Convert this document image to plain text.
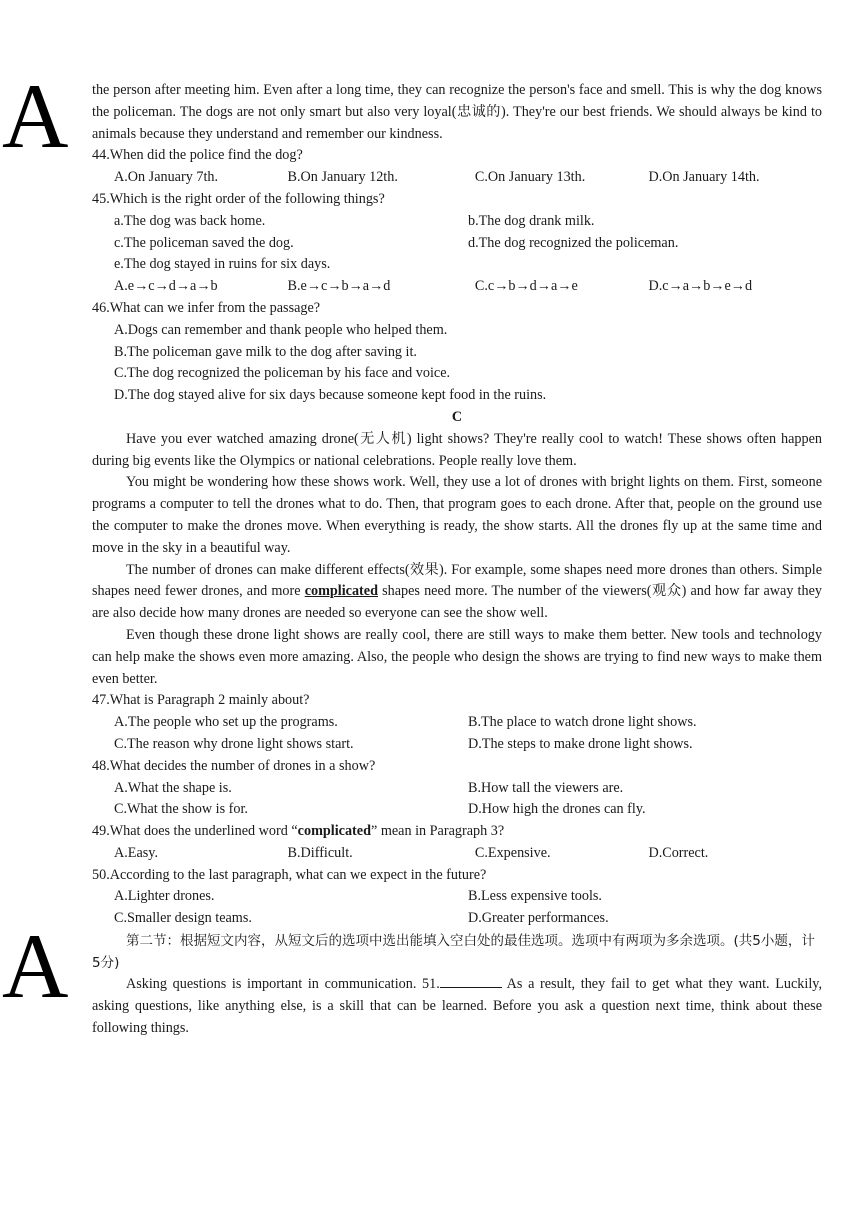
A
A

the person after meeting him. Even after a long time, they can recognize the person's face and smell. This is why the dog knows the policeman. The dogs are not only smart but also very loyal(忠诚的). They're our best friends. We should always be kind to animals because they understand and remember our kindness.

44.When did the police find the dog?

A.On January 7th.	B.On January 12th.	C.On January 13th.	D.On January 14th.

45.Which is the right order of the following things?

a.The dog was back home.	b.The dog drank milk.
c.The policeman saved the dog.	d.The dog recognized the policeman.
e.The dog stayed in ruins for six days.
A.e→c→d→a→b	B.e→c→b→a→d	C.c→b→d→a→e	D.c→a→b→e→d

46.What can we infer from the passage?

A.Dogs can remember and thank people who helped them.
B.The policeman gave milk to the dog after saving it.
C.The dog recognized the policeman by his face and voice.
D.The dog stayed alive for six days because someone kept food in the ruins.
C

Have you ever watched amazing drone(无人机) light shows? They're really cool to watch! These shows often happen during big events like the Olympics or national celebrations. People really love them.

You might be wondering how these shows work. Well, they use a lot of drones with bright lights on them. First, someone programs a computer to tell the drones what to do. Then, that program goes to each drone. After that, people on the ground use the computer to make the drones move. When everything is ready, the show starts. All the drones fly up at the same time and move in the sky in a beautiful way.

The number of drones can make different effects(效果). For example, some shapes need more drones than others. Simple shapes need fewer drones, and more complicated shapes need more. The number of the viewers(观众) and how far away they are also decide how many drones are needed so everyone can see the show well.

Even though these drone light shows are really cool, there are still ways to make them better. New tools and technology can help make the shows even more amazing. Also, the people who design the shows are trying to find new ways to make them even better.

47.What is Paragraph 2 mainly about?

A.The people who set up the programs.	B.The place to watch drone light shows.
C.The reason why drone light shows start.	D.The steps to make drone light shows.

48.What decides the number of drones in a show?

A.What the shape is.	B.How tall the viewers are.
C.What the show is for.	D.How high the drones can fly.

49.What does the underlined word “complicated” mean in Paragraph 3?

A.Easy.	B.Difficult.	C.Expensive.	D.Correct.

50.According to the last paragraph, what can we expect in the future?

A.Lighter drones.	B.Less expensive tools.
C.Smaller design teams.	D.Greater performances.

第二节：根据短文内容，从短文后的选项中选出能填入空白处的最佳选项。选项中有两项为多余选项。(共5小题，计5分)

Asking questions is important in communication. 51.	As a result, they fail to get what they want. Luckily, asking questions, like anything else, is a skill that can be learned. Before you ask a question next time, think about these following things.
